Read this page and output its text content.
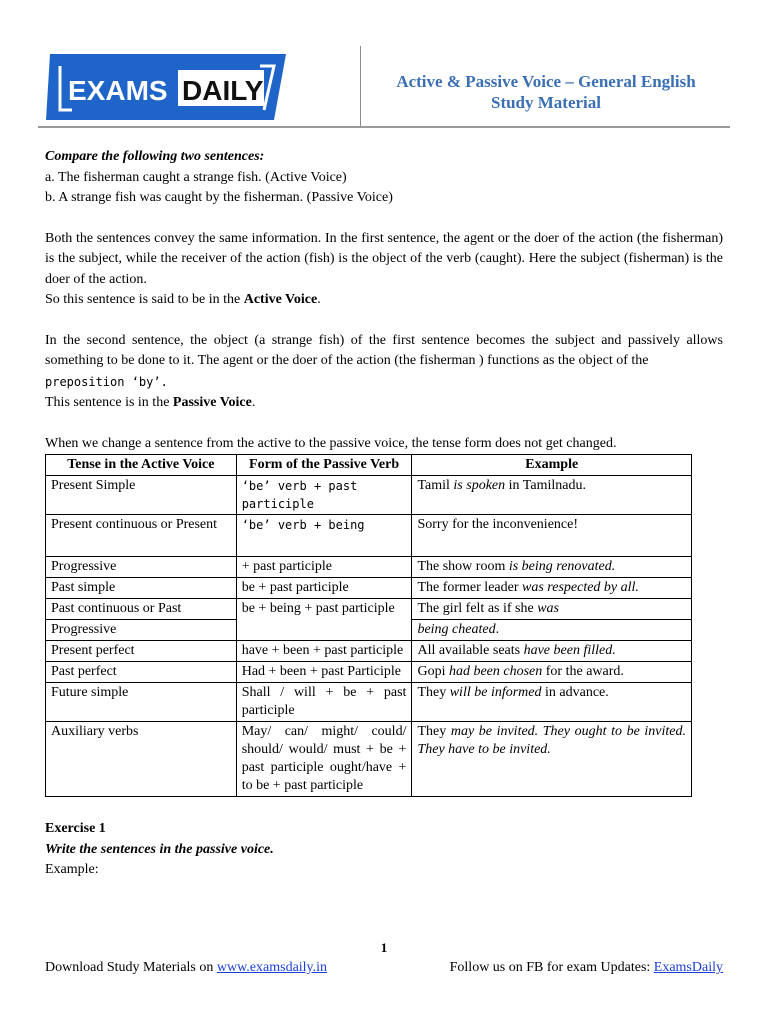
EXAMS DAILY	Active & Passive Voice – General English
Study Material

Compare the following two sentences:

a. The fisherman caught a strange fish. (Active Voice)

b. A strange fish was caught by the fisherman. (Passive Voice)

Both the sentences convey the same information. In the first sentence, the agent or the doer of the action (the fisherman) is the subject, while the receiver of the action (fish) is the object of the verb (caught). Here the subject (fisherman) is the doer of the action.

So this sentence is said to be in the Active Voice.

In the second sentence, the object (a strange fish) of the first sentence becomes the subject and passively allows something to be done to it. The agent or the doer of the action (the fisherman ) functions as the object of the
preposition ‘by’.

This sentence is in the Passive Voice.

When we change a sentence from the active to the passive voice, the tense form does not get changed.

Tense in the Active Voice	Form of the Passive Verb	Example
Present Simple	‘be’ verb + past participle	Tamil is spoken in Tamilnadu.
Present continuous or Present	‘be’ verb + being	Sorry for the inconvenience!
Progressive	+ past participle	The show room is being renovated.
Past simple	be + past participle	The former leader was respected by all.
Past continuous or Past	be + being + past participle	The girl felt as if she was
Progressive		being cheated.
Present perfect	have + been + past participle	All available seats have been filled.
Past perfect	Had + been + past Participle	Gopi had been chosen for the award.
Future simple	Shall / will + be + past participle	They will be informed in advance.
Auxiliary verbs	May/ can/ might/ could/ should/ would/ must + be + past participle ought/have + to be + past participle	They may be invited. They ought to be invited. They have to be invited.

Exercise 1

Write the sentences in the passive voice.

Example:

1
Download Study Materials on www.examsdaily.in	Follow us on FB for exam Updates: ExamsDaily
